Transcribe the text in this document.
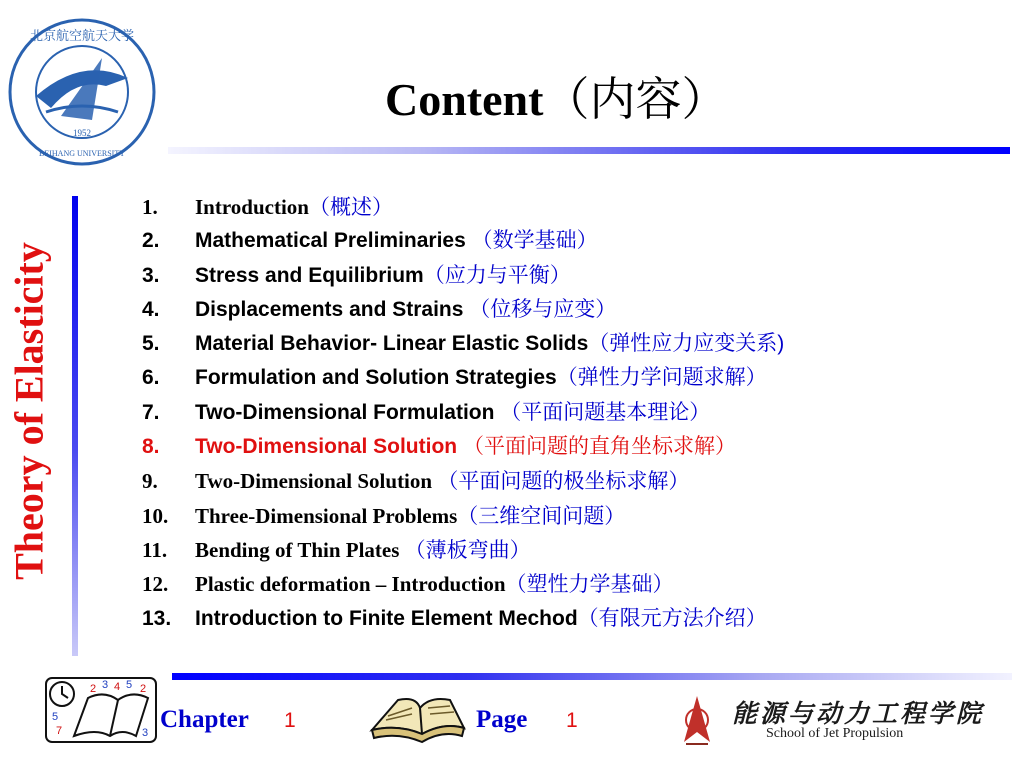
北京航空航天大学
1952
BEIHANG UNIVERSITY
Content（内容）
Theory of Elasticity
1.	Introduction（概述）
2.	Mathematical Preliminaries （数学基础）
3.	Stress and Equilibrium（应力与平衡）
4.	Displacements and Strains （位移与应变）
5.	Material Behavior- Linear Elastic Solids（弹性应力应变关系)
6.	Formulation and Solution Strategies（弹性力学问题求解）
7.	Two-Dimensional Formulation （平面问题基本理论）
8.	Two-Dimensional Solution （平面问题的直角坐标求解）
9.	Two-Dimensional Solution （平面问题的极坐标求解）
10.	Three-Dimensional Problems（三维空间问题）
11.	Bending of Thin Plates （薄板弯曲）
12.	Plastic deformation – Introduction（塑性力学基础）
13.	Introduction to Finite Element Mechod（有限元方法介绍）
2 3 4 5 2
5
7	3 Chapter 1	Page 1	能源与动力工程学院
School of Jet Propulsion
